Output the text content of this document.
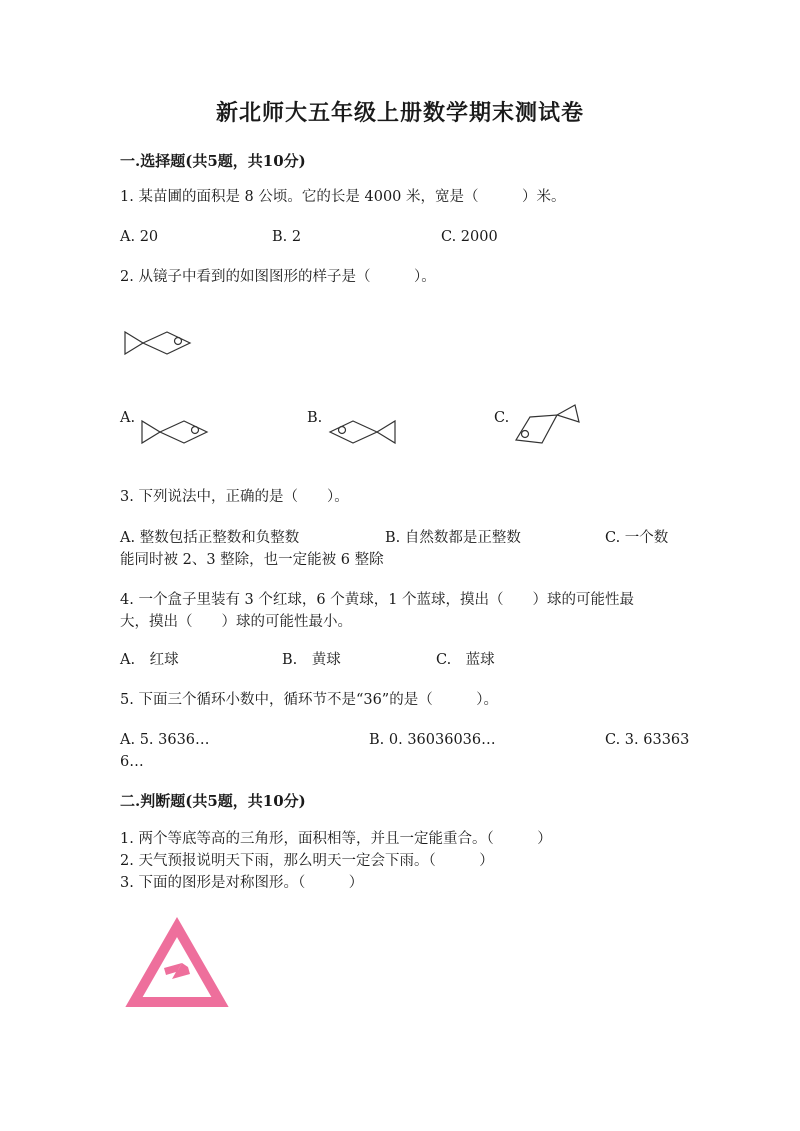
新北师大五年级上册数学期末测试卷
一.选择题(共5题，共10分)
1. 某苗圃的面积是 8 公顷。它的长是 4000 米，宽是（　　　）米。
A. 20	B. 2	C. 2000
2. 从镜子中看到的如图图形的样子是（　　　）。
A.	B.	C.
3. 下列说法中，正确的是（　　）。
A. 整数包括正整数和负整数	B. 自然数都是正整数	C. 一个数
能同时被 2、3 整除，也一定能被 6 整除
4. 一个盒子里装有 3 个红球，6 个黄球，1 个蓝球，摸出（　　）球的可能性最
大，摸出（　　）球的可能性最小。
A.　红球	B.　黄球	C.　蓝球
5. 下面三个循环小数中，循环节不是“36”的是（　　　）。
A. 5. 3636…	B. 0. 36036036…	C. 3. 63363
6…
二.判断题(共5题，共10分)
1. 两个等底等高的三角形，面积相等，并且一定能重合。（　　　）
2. 天气预报说明天下雨，那么明天一定会下雨。（　　　）
3. 下面的图形是对称图形。（　　　）
